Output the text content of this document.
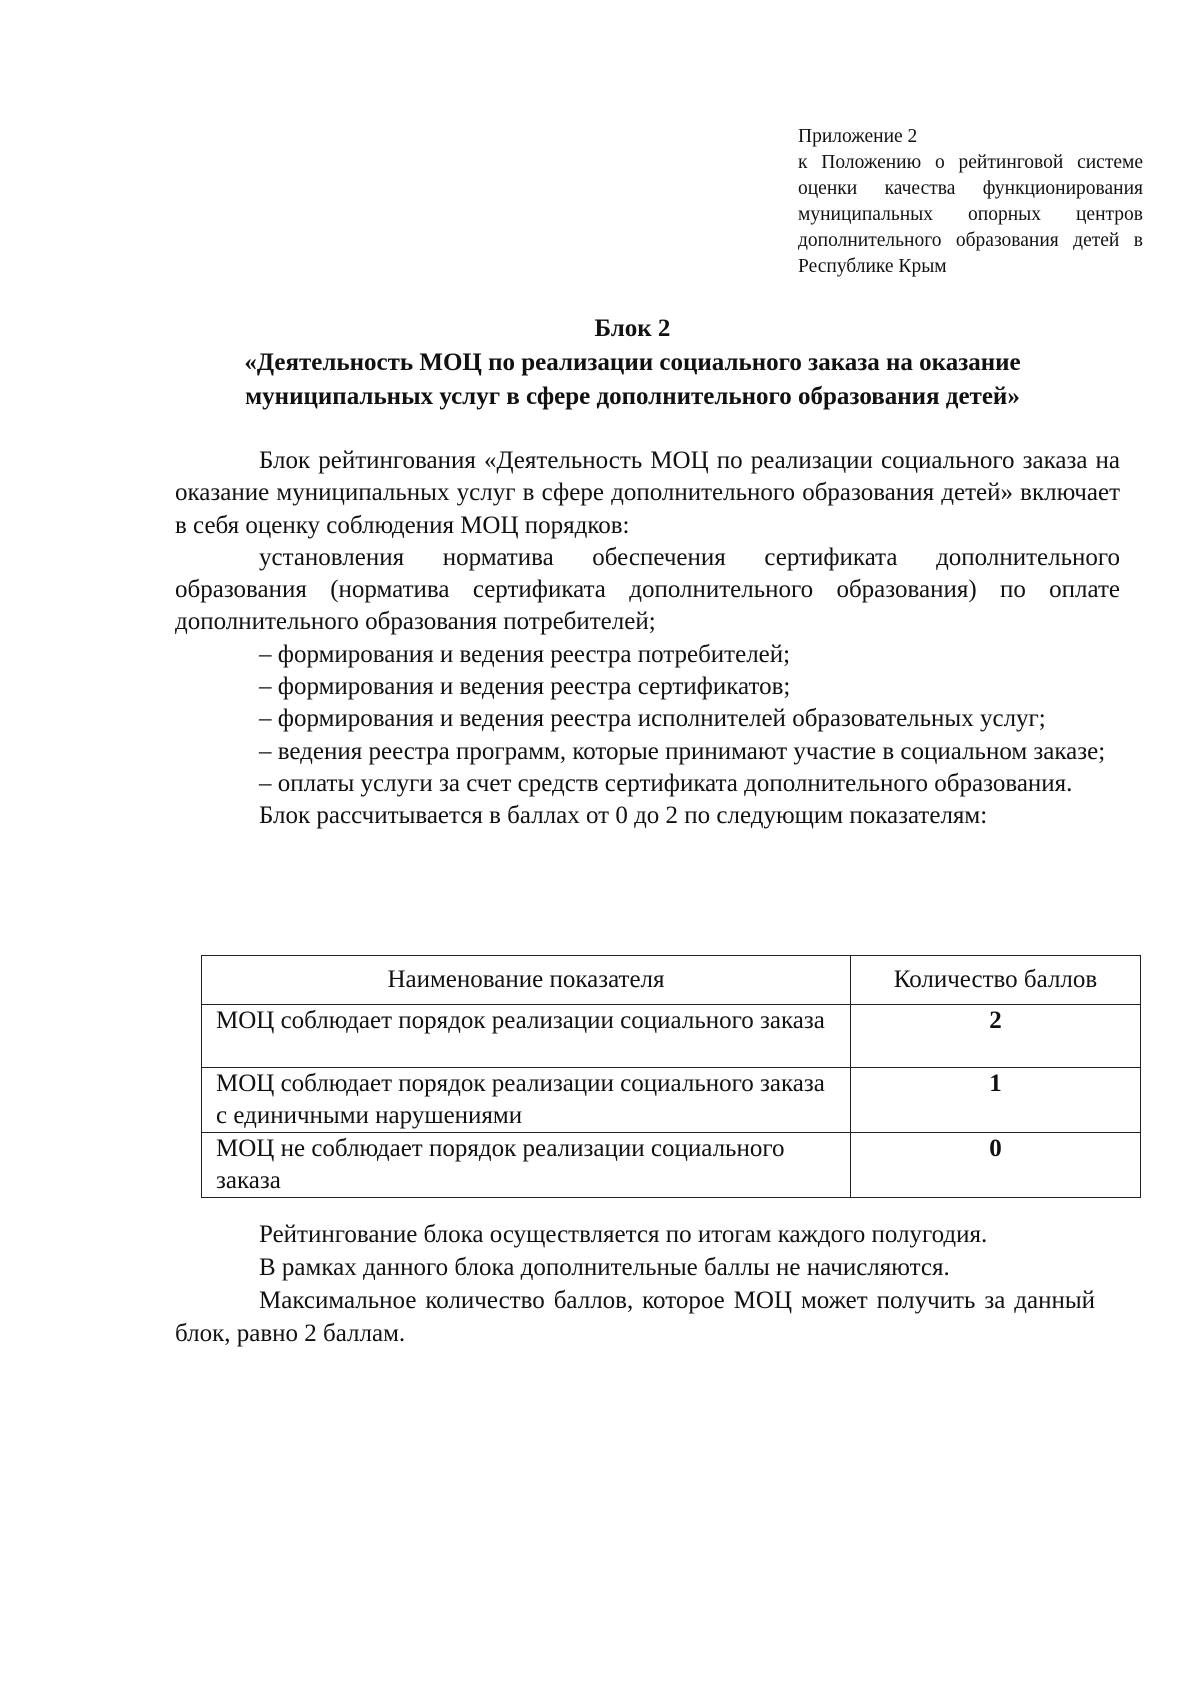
Приложение 2
к Положению о рейтинговой системе
оценки качества функционирования
муниципальных опорных центров
дополнительного образования детей в
Республике Крым
Блок 2
«Деятельность МОЦ по реализации социального заказа на оказание
муниципальных услуг в сфере дополнительного образования детей»
Блок рейтингования «Деятельность МОЦ по реализации социального заказа на оказание муниципальных услуг в сфере дополнительного образования детей» включает в себя оценку соблюдения МОЦ порядков:
установления норматива обеспечения сертификата дополнительного образования (норматива сертификата дополнительного образования) по оплате дополнительного образования потребителей;
– формирования и ведения реестра потребителей;
– формирования и ведения реестра сертификатов;
– формирования и ведения реестра исполнителей образовательных услуг;
– ведения реестра программ, которые принимают участие в социальном заказе;
– оплаты услуги за счет средств сертификата дополнительного образования.
Блок рассчитывается в баллах от 0 до 2 по следующим показателям:
Наименование показателя	Количество баллов
МОЦ соблюдает порядок реализации социального заказа	2
МОЦ соблюдает порядок реализации социального заказа с единичными нарушениями	1
МОЦ не соблюдает порядок реализации социального заказа	0
Рейтингование блока осуществляется по итогам каждого полугодия.
В рамках данного блока дополнительные баллы не начисляются.
Максимальное количество баллов, которое МОЦ может получить за данный блок, равно 2 баллам.
